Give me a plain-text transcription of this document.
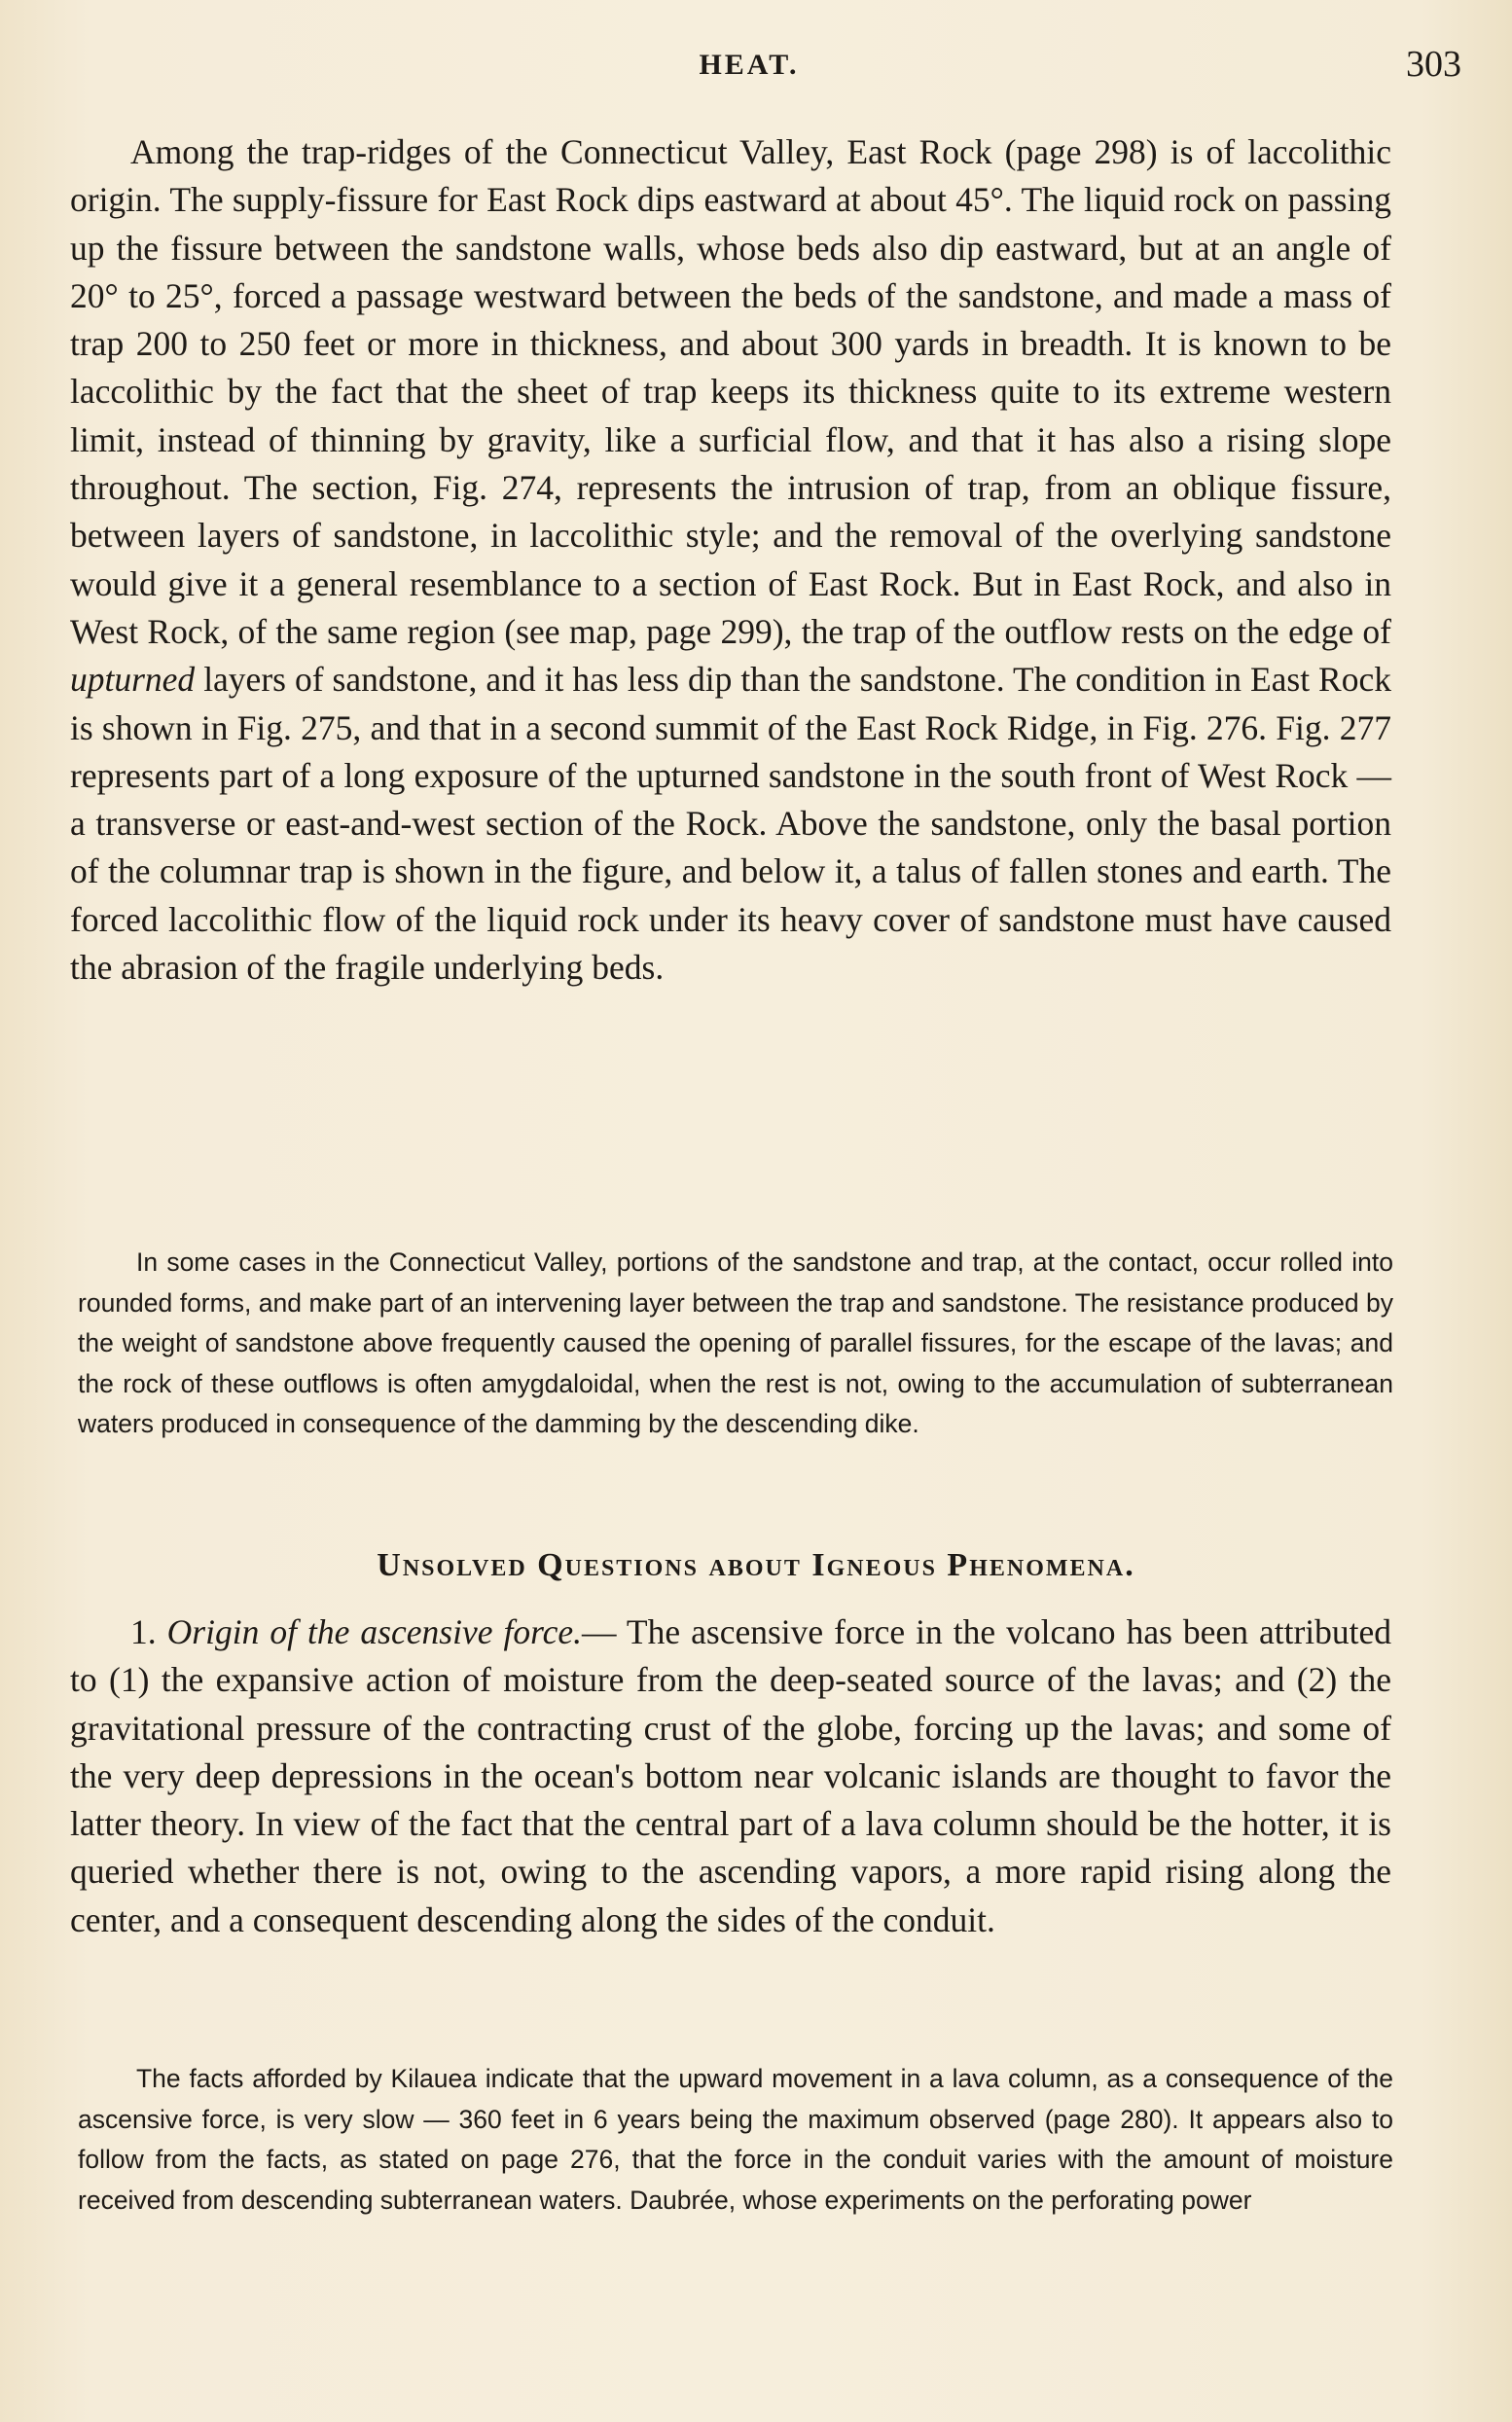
HEAT.	303

Among the trap-ridges of the Connecticut Valley, East Rock (page 298) is of laccolithic origin. The supply-fissure for East Rock dips eastward at about 45°. The liquid rock on passing up the fissure between the sandstone walls, whose beds also dip eastward, but at an angle of 20° to 25°, forced a passage westward between the beds of the sandstone, and made a mass of trap 200 to 250 feet or more in thickness, and about 300 yards in breadth. It is known to be laccolithic by the fact that the sheet of trap keeps its thickness quite to its extreme western limit, instead of thinning by gravity, like a surficial flow, and that it has also a rising slope throughout. The section, Fig. 274, represents the intrusion of trap, from an oblique fissure, between layers of sandstone, in laccolithic style; and the removal of the overlying sandstone would give it a general resemblance to a section of East Rock. But in East Rock, and also in West Rock, of the same region (see map, page 299), the trap of the outflow rests on the edge of upturned layers of sandstone, and it has less dip than the sandstone. The condition in East Rock is shown in Fig. 275, and that in a second summit of the East Rock Ridge, in Fig. 276. Fig. 277 represents part of a long exposure of the upturned sandstone in the south front of West Rock — a transverse or east-and-west section of the Rock. Above the sandstone, only the basal portion of the columnar trap is shown in the figure, and below it, a talus of fallen stones and earth. The forced laccolithic flow of the liquid rock under its heavy cover of sandstone must have caused the abrasion of the fragile underlying beds.

In some cases in the Connecticut Valley, portions of the sandstone and trap, at the contact, occur rolled into rounded forms, and make part of an intervening layer between the trap and sandstone. The resistance produced by the weight of sandstone above frequently caused the opening of parallel fissures, for the escape of the lavas; and the rock of these outflows is often amygdaloidal, when the rest is not, owing to the accumulation of subterranean waters produced in consequence of the damming by the descending dike.

Unsolved Questions about Igneous Phenomena.

1. Origin of the ascensive force.— The ascensive force in the volcano has been attributed to (1) the expansive action of moisture from the deep-seated source of the lavas; and (2) the gravitational pressure of the contracting crust of the globe, forcing up the lavas; and some of the very deep depressions in the ocean's bottom near volcanic islands are thought to favor the latter theory. In view of the fact that the central part of a lava column should be the hotter, it is queried whether there is not, owing to the ascending vapors, a more rapid rising along the center, and a consequent descending along the sides of the conduit.

The facts afforded by Kilauea indicate that the upward movement in a lava column, as a consequence of the ascensive force, is very slow — 360 feet in 6 years being the maximum observed (page 280). It appears also to follow from the facts, as stated on page 276, that the force in the conduit varies with the amount of moisture received from descending subterranean waters. Daubrée, whose experiments on the perforating power
